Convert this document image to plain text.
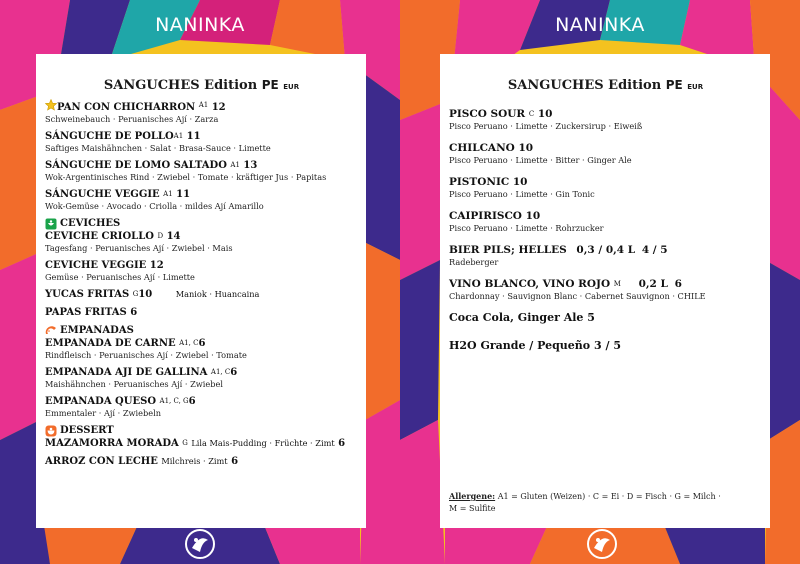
NANINKA
SANGUCHES Edition PE EUR
PAN CON CHICHARRON $^{A1}$ 12
Schweinebauch · Peruanisches Ají · Zarza
SÁNGUCHE DE $POLLO^{A1}$ 11
Saftiges Maishähnchen · Salat · Brasa-Sauce · Limette
SÁNGUCHE DE LOMO SALTADO $^{A1}$ 13
Wok-Argentinisches Rind · Zwiebel · Tomate · kräftiger Jus · Papitas
SÁNGUCHE VEGGIE $^{A1}$ 11
Wok-Gemüse · Avocado · Criolla · mildes Ají Amarillo
CEVICHES
CEVICHE CRIOLLO $^D$ 14
Tagesfang · Peruanisches Ají · Zwiebel · Mais
CEVICHE VEGGIE 12
Gemüse · Peruanisches Ají · Limette
YUCAS FRITAS $^G$10	Maniok · Huancaina
PAPAS FRITAS 6
EMPANADAS
EMPANADA DE CARNE $^{A1, C}$6
Rindfleisch · Peruanisches Ají · Zwiebel · Tomate
EMPANADA AJI DE GALLINA $^{A1, C}$6
Maishähnchen · Peruanisches Ají · Zwiebel
EMPANADA QUESO $^{A1, C, G}$6
Emmentaler · Ají · Zwiebeln
DESSERT
MAZAMORRA MORADA $^G$ Lila Mais-Pudding · Früchte · Zimt 6
ARROZ CON LECHE Milchreis · Zimt 6
NANINKA
SANGUCHES Edition PE EUR
PISCO SOUR $^C$ 10
Pisco Peruano · Limette · Zuckersirup · Eiweiß
CHILCANO 10
Pisco Peruano · Limette · Bitter · Ginger Ale
PISTONIC 10
Pisco Peruano · Limette · Gin Tonic
CAIPIRISCO 10
Pisco Peruano · Limette · Rohrzucker
BIER PILS; HELLES 0,3 / 0,4 L 4 / 5
Radeberger
VINO BLANCO, VINO ROJO $^M$ 0,2 L 6
Chardonnay · Sauvignon Blanc · Cabernet Sauvignon · CHILE
Coca Cola, Ginger Ale 5
H2O Grande / Pequeño 3 / 5
Allergene: A1 = Gluten (Weizen) · C = Ei · D = Fisch · G = Milch ·
M = Sulfite
